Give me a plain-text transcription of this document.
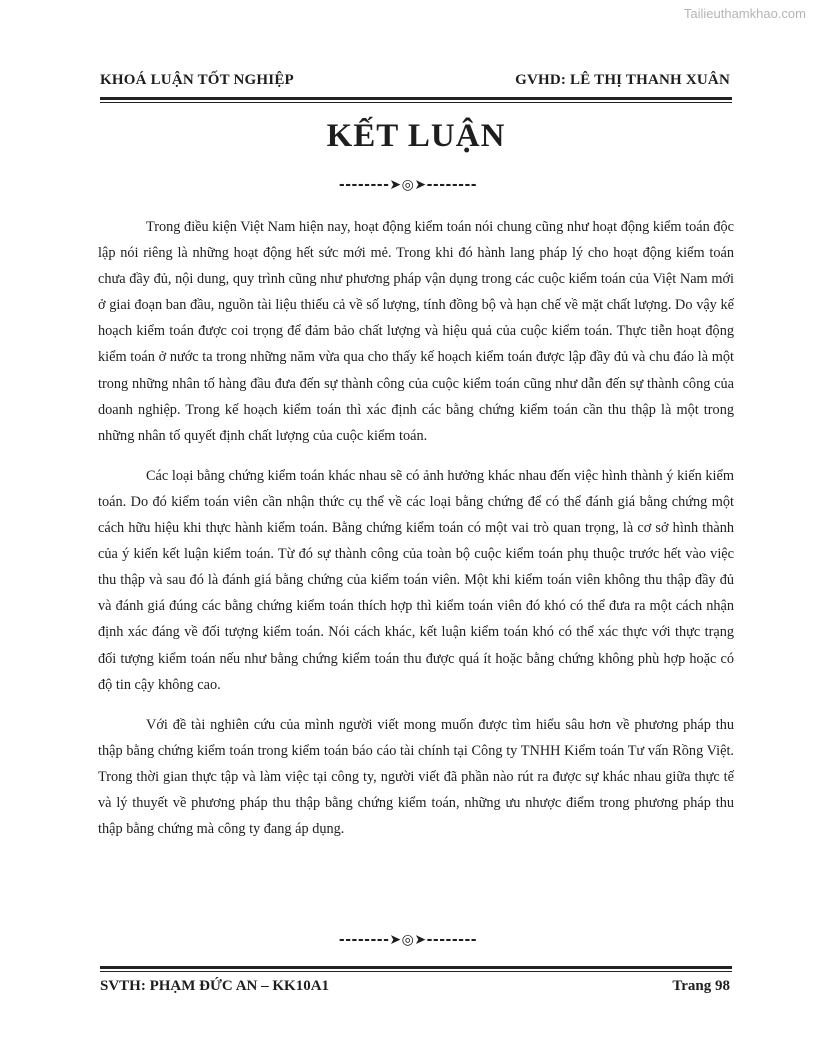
Tailieuthamkhao.com
KHOÁ LUẬN TỐT NGHIỆP	GVHD: LÊ THỊ THANH XUÂN
KẾT LUẬN
--------➤◎➤--------

Trong điều kiện Việt Nam hiện nay, hoạt động kiểm toán nói chung cũng như hoạt động kiểm toán độc lập nói riêng là những hoạt động hết sức mới mẻ. Trong khi đó hành lang pháp lý cho hoạt động kiểm toán chưa đầy đủ, nội dung, quy trình cũng như phương pháp vận dụng trong các cuộc kiểm toán của Việt Nam mới ở giai đoạn ban đầu, nguồn tài liệu thiếu cả về số lượng, tính đồng bộ và hạn chế về mặt chất lượng. Do vậy kế hoạch kiểm toán được coi trọng để đảm bảo chất lượng và hiệu quả của cuộc kiểm toán. Thực tiễn hoạt động kiểm toán ở nước ta trong những năm vừa qua cho thấy kế hoạch kiểm toán được lập đầy đủ và chu đáo là một trong những nhân tố hàng đầu đưa đến sự thành công của cuộc kiểm toán cũng như dẫn đến sự thành công của doanh nghiệp. Trong kế hoạch kiểm toán thì xác định các bằng chứng kiểm toán cần thu thập là một trong những nhân tố quyết định chất lượng của cuộc kiểm toán.

Các loại bằng chứng kiểm toán khác nhau sẽ có ảnh hưởng khác nhau đến việc hình thành ý kiến kiểm toán. Do đó kiểm toán viên cần nhận thức cụ thể về các loại bằng chứng để có thể đánh giá bằng chứng một cách hữu hiệu khi thực hành kiểm toán. Bằng chứng kiểm toán có một vai trò quan trọng, là cơ sở hình thành của ý kiến kết luận kiểm toán. Từ đó sự thành công của toàn bộ cuộc kiểm toán phụ thuộc trước hết vào việc thu thập và sau đó là đánh giá bằng chứng của kiểm toán viên. Một khi kiểm toán viên không thu thập đầy đủ và đánh giá đúng các bằng chứng kiểm toán thích hợp thì kiểm toán viên đó khó có thể đưa ra một cách nhận định xác đáng về đối tượng kiểm toán. Nói cách khác, kết luận kiểm toán khó có thể xác thực với thực trạng đối tượng kiểm toán nếu như bằng chứng kiểm toán thu được quá ít hoặc bằng chứng không phù hợp hoặc có độ tin cậy không cao.

Với đề tài nghiên cứu của mình người viết mong muốn được tìm hiểu sâu hơn về phương pháp thu thập bằng chứng kiểm toán trong kiểm toán báo cáo tài chính tại Công ty TNHH Kiểm toán Tư vấn Rồng Việt. Trong thời gian thực tập và làm việc tại công ty, người viết đã phần nào rút ra được sự khác nhau giữa thực tế và lý thuyết về phương pháp thu thập bằng chứng kiểm toán, những ưu nhược điểm trong phương pháp thu thập bằng chứng mà công ty đang áp dụng.

--------➤◎➤--------
SVTH: PHẠM ĐỨC AN – KK10A1	Trang 98
